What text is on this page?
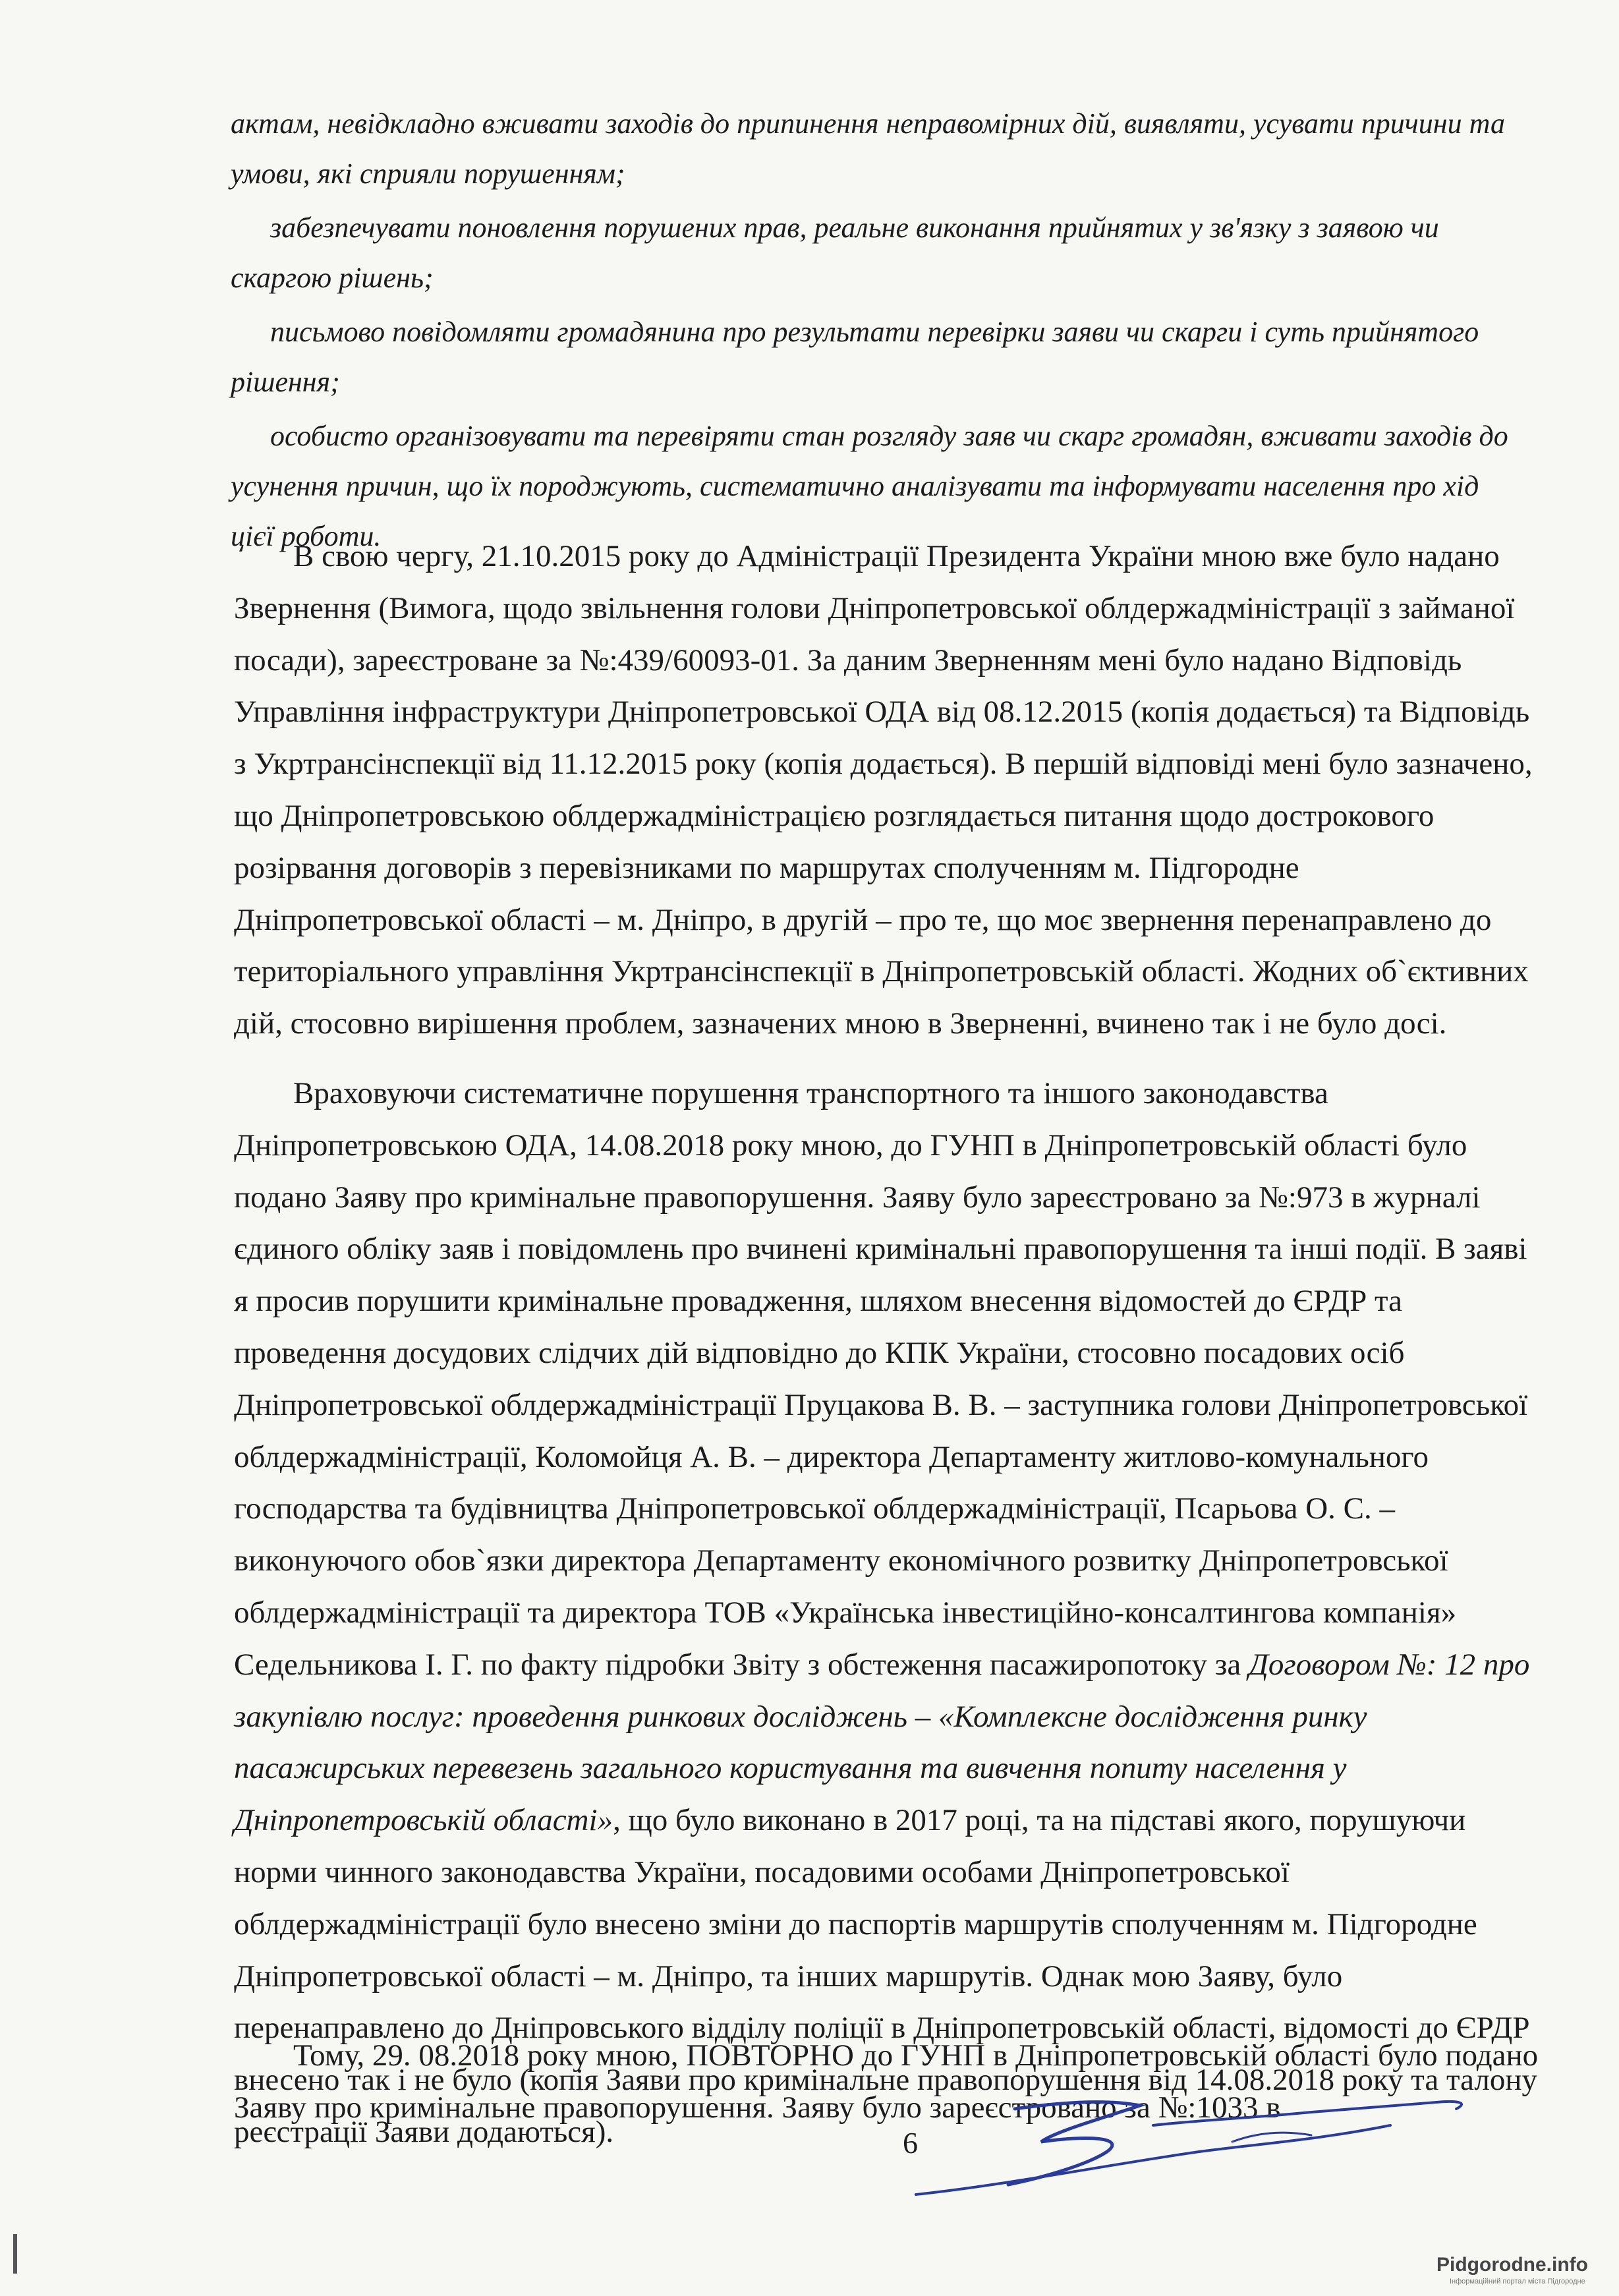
актам, невідкладно вживати заходів до припинення неправомірних дій, виявляти, усувати причини та умови, які сприяли порушенням;

забезпечувати поновлення порушених прав, реальне виконання прийнятих у зв'язку з заявою чи скаргою рішень;

письмово повідомляти громадянина про результати перевірки заяви чи скарги і суть прийнятого рішення;

особисто організовувати та перевіряти стан розгляду заяв чи скарг громадян, вживати заходів до усунення причин, що їх породжують, систематично аналізувати та інформувати населення про хід цієї роботи.

В свою чергу, 21.10.2015 року до Адміністрації Президента України мною вже було надано Звернення (Вимога, щодо звільнення голови Дніпропетровської облдержадміністрації з займаної посади), зареєстроване за №:439/60093-01. За даним Зверненням мені було надано Відповідь Управління інфраструктури Дніпропетровської ОДА від 08.12.2015 (копія додається) та Відповідь з Укртрансінспекції від 11.12.2015 року (копія додається). В першій відповіді мені було зазначено, що Дніпропетровською облдержадміністрацією розглядається питання щодо дострокового розірвання договорів з перевізниками по маршрутах сполученням м. Підгородне Дніпропетровської області – м. Дніпро, в другій – про те, що моє звернення перенаправлено до територіального управління Укртрансінспекції в Дніпропетровській області. Жодних об`єктивних дій, стосовно вирішення проблем, зазначених мною в Зверненні, вчинено так і не було досі.

Враховуючи систематичне порушення транспортного та іншого законодавства Дніпропетровською ОДА, 14.08.2018 року мною, до ГУНП в Дніпропетровській області було подано Заяву про кримінальне правопорушення. Заяву було зареєстровано за №:973 в журналі єдиного обліку заяв і повідомлень про вчинені кримінальні правопорушення та інші події. В заяві я просив порушити кримінальне провадження, шляхом внесення відомостей до ЄРДР та проведення досудових слідчих дій відповідно до КПК України, стосовно посадових осіб Дніпропетровської облдержадміністрації Пруцакова В. В. – заступника голови Дніпропетровської облдержадміністрації, Коломойця А. В. – директора Департаменту житлово-комунального господарства та будівництва Дніпропетровської облдержадміністрації, Псарьова О. С. – виконуючого обов`язки директора Департаменту економічного розвитку Дніпропетровської облдержадміністрації та директора ТОВ «Українська інвестиційно-консалтингова компанія» Седельникова І. Г. по факту підробки Звіту з обстеження пасажиропотоку за Договором №: 12 про закупівлю послуг: проведення ринкових досліджень – «Комплексне дослідження ринку пасажирських перевезень загального користування та вивчення попиту населення у Дніпропетровській області», що було виконано в 2017 році, та на підставі якого, порушуючи норми чинного законодавства України, посадовими особами Дніпропетровської облдержадміністрації було внесено зміни до паспортів маршрутів сполученням м. Підгородне Дніпропетровської області – м. Дніпро, та інших маршрутів. Однак мою Заяву, було перенаправлено до Дніпровського відділу поліції в Дніпропетровській області, відомості до ЄРДР внесено так і не було (копія Заяви про кримінальне правопорушення від 14.08.2018 року та талону реєстрації Заяви додаються).

Тому, 29. 08.2018 року мною, ПОВТОРНО до ГУНП в Дніпропетровській області було подано Заяву про кримінальне правопорушення. Заяву було зареєстровано за №:1033 в

6
Pidgorodne.info
Інформаційний портал міста Підгородне
